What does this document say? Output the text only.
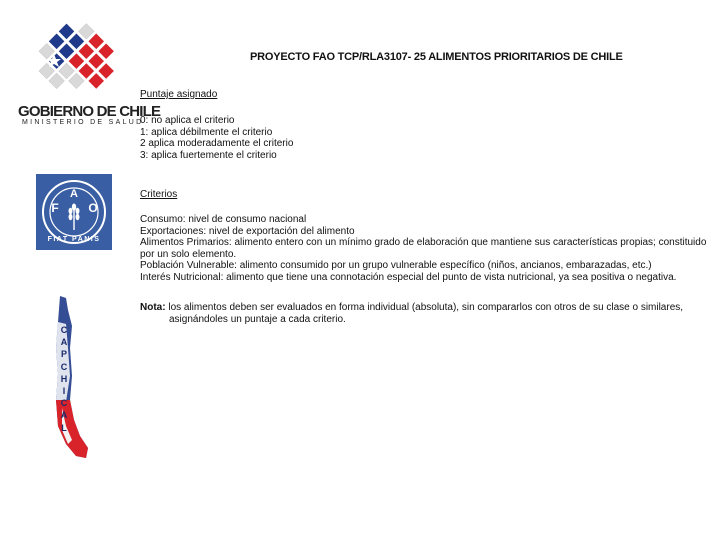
PROYECTO FAO TCP/RLA3107- 25 ALIMENTOS PRIORITARIOS DE CHILE
GOBIERNO DE CHILE
MINISTERIO DE SALUD
F
A
O
FIAT PANIS
C
A
P
C
H
I
C
A
L
Puntaje asignado
0: no aplica el criterio
1: aplica débilmente el criterio
2 aplica moderadamente el criterio
3: aplica fuertemente el criterio
Criterios
Consumo: nivel de consumo nacional
Exportaciones: nivel de exportación del alimento
Alimentos Primarios: alimento entero con un mínimo grado de elaboración que mantiene sus características propias; constituido
por un solo elemento.
Población Vulnerable: alimento consumido por un grupo vulnerable específico (niños, ancianos, embarazadas, etc.)
Interés Nutricional: alimento que tiene una connotación especial del punto de vista nutricional, ya sea positiva o negativa.
Nota: los alimentos deben ser evaluados en forma individual (absoluta), sin compararlos con otros de su clase o similares,
asignándoles un puntaje a cada criterio.
